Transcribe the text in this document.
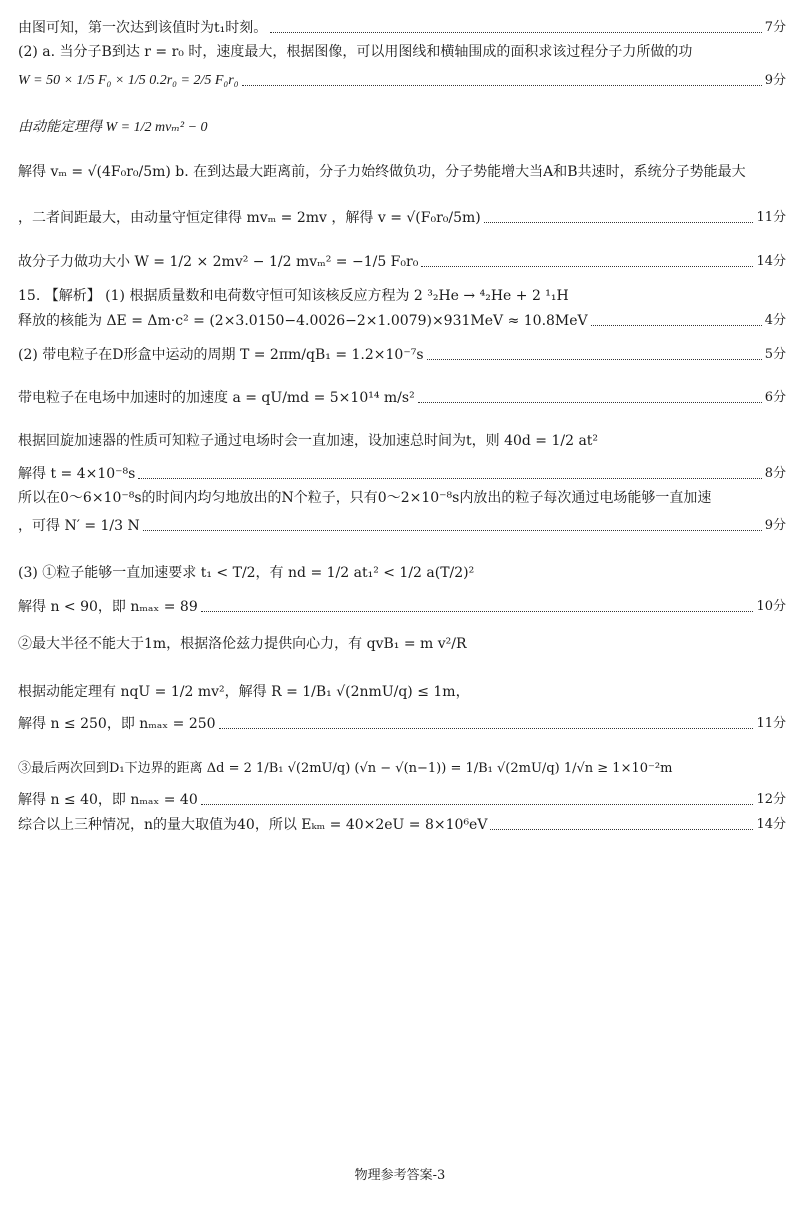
由图可知，第一次达到该值时为t₁时刻。	7分
(2) a. 当分子B到达 r = r₀ 时，速度最大，根据图像，可以用图线和横轴围成的面积求该过程分子力所做的功
W = 50 × 1/5 F₀ × 1/5 0.2r₀ = 2/5 F₀r₀	9分
由动能定理得 W = 1/2 mvₘ² − 0
解得 vₘ = √(4F₀r₀/5m) b. 在到达最大距离前，分子力始终做负功，分子势能增大当A和B共速时，系统分子势能最大
，二者间距最大，由动量守恒定律得 mvₘ = 2mv ，解得 v = √(F₀r₀/5m)	11分
故分子力做功大小 W = 1/2 × 2mv² − 1/2 mvₘ² = −1/5 F₀r₀	14分
15. 【解析】 (1) 根据质量数和电荷数守恒可知该核反应方程为 2 ³₂He → ⁴₂He + 2 ¹₁H
释放的核能为 ΔE = Δm·c² = (2×3.0150−4.0026−2×1.0079)×931MeV ≈ 10.8MeV	4分
(2) 带电粒子在D形盒中运动的周期 T = 2πm/qB₁ = 1.2×10⁻⁷s	5分
带电粒子在电场中加速时的加速度 a = qU/md = 5×10¹⁴ m/s²	6分
根据回旋加速器的性质可知粒子通过电场时会一直加速，设加速总时间为t，则 40d = 1/2 at²
解得 t = 4×10⁻⁸s	8分
所以在0～6×10⁻⁸s的时间内均匀地放出的N个粒子，只有0～2×10⁻⁸s内放出的粒子每次通过电场能够一直加速
，可得 N′ = 1/3 N	9分
(3) ①粒子能够一直加速要求 t₁ < T/2，有 nd = 1/2 at₁² < 1/2 a(T/2)²
解得 n < 90，即 nₘₐₓ = 89	10分
②最大半径不能大于1m，根据洛伦兹力提供向心力，有 qvB₁ = m v²/R
根据动能定理有 nqU = 1/2 mv²，解得 R = 1/B₁ √(2nmU/q) ≤ 1m，
解得 n ≤ 250，即 nₘₐₓ = 250	11分
③最后两次回到D₁下边界的距离 Δd = 2 1/B₁ √(2mU/q) (√n − √(n−1)) = 1/B₁ √(2mU/q) 1/√n ≥ 1×10⁻²m
解得 n ≤ 40，即 nₘₐₓ = 40	12分
综合以上三种情况，n的量大取值为40，所以 Eₖₘ = 40×2eU = 8×10⁶eV	14分
物理参考答案-3
